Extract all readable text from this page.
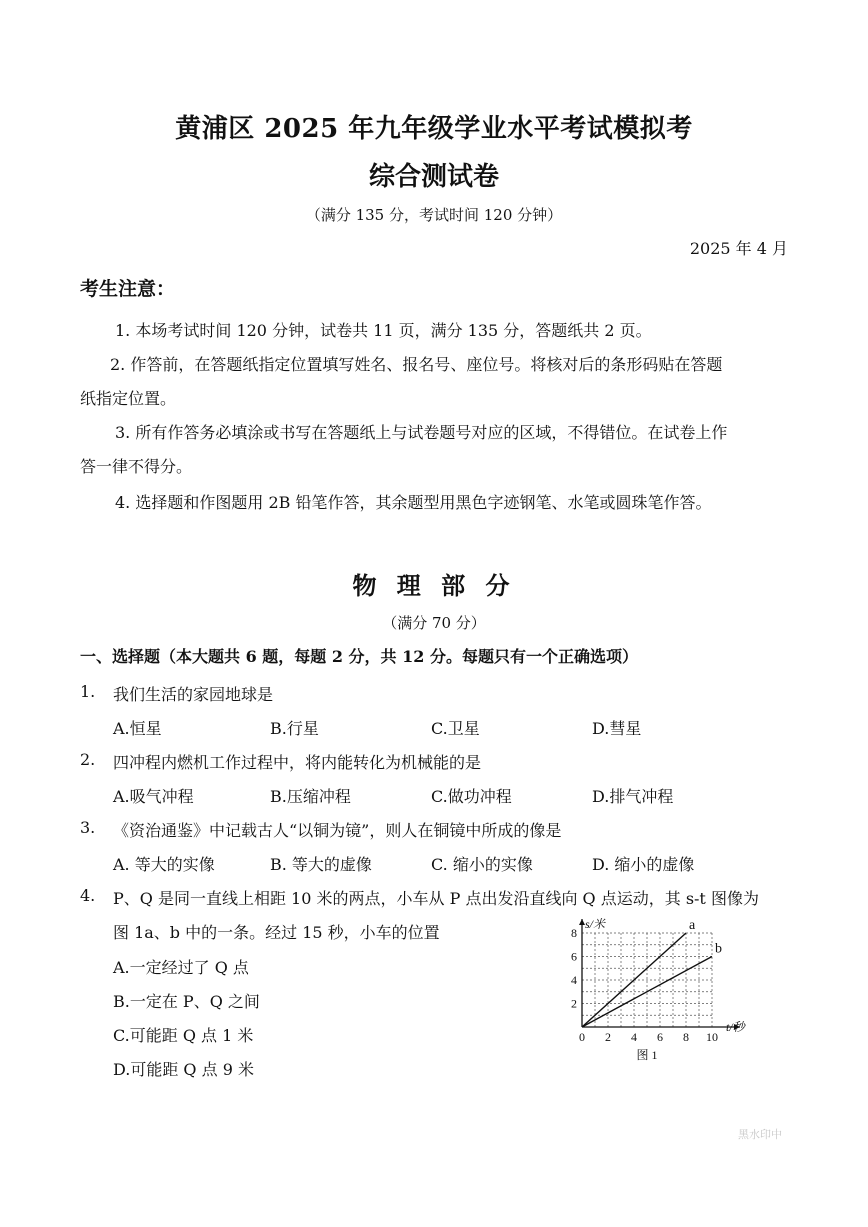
黄浦区 2025 年九年级学业水平考试模拟考
综合测试卷
（满分 135 分，考试时间 120 分钟）
2025 年 4 月
考生注意：
1. 本场考试时间 120 分钟，试卷共 11 页，满分 135 分，答题纸共 2 页。
2. 作答前，在答题纸指定位置填写姓名、报名号、座位号。将核对后的条形码贴在答题
纸指定位置。
3. 所有作答务必填涂或书写在答题纸上与试卷题号对应的区域，不得错位。在试卷上作
答一律不得分。
4. 选择题和作图题用 2B 铅笔作答，其余题型用黑色字迹钢笔、水笔或圆珠笔作答。
物 理 部 分
（满分 70 分）
一、选择题（本大题共 6 题，每题 2 分，共 12 分。每题只有一个正确选项）
1. 我们生活的家园地球是
A.恒星	B.行星	C.卫星	D.彗星
2. 四冲程内燃机工作过程中，将内能转化为机械能的是
A.吸气冲程	B.压缩冲程	C.做功冲程	D.排气冲程
3. 《资治通鉴》中记载古人“以铜为镜”，则人在铜镜中所成的像是
A. 等大的实像	B. 等大的虚像	C. 缩小的实像	D. 缩小的虚像
4. P、Q 是同一直线上相距 10 米的两点，小车从 P 点出发沿直线向 Q 点运动，其 s-t 图像为
图 1a、b 中的一条。经过 15 秒，小车的位置
A.一定经过了 Q 点
B.一定在 P、Q 之间
C.可能距 Q 点 1 米
D.可能距 Q 点 9 米
0 2 4 6 8 10
2
4
6
8
s/米
t/秒
图 1
a
b
黑水印中
